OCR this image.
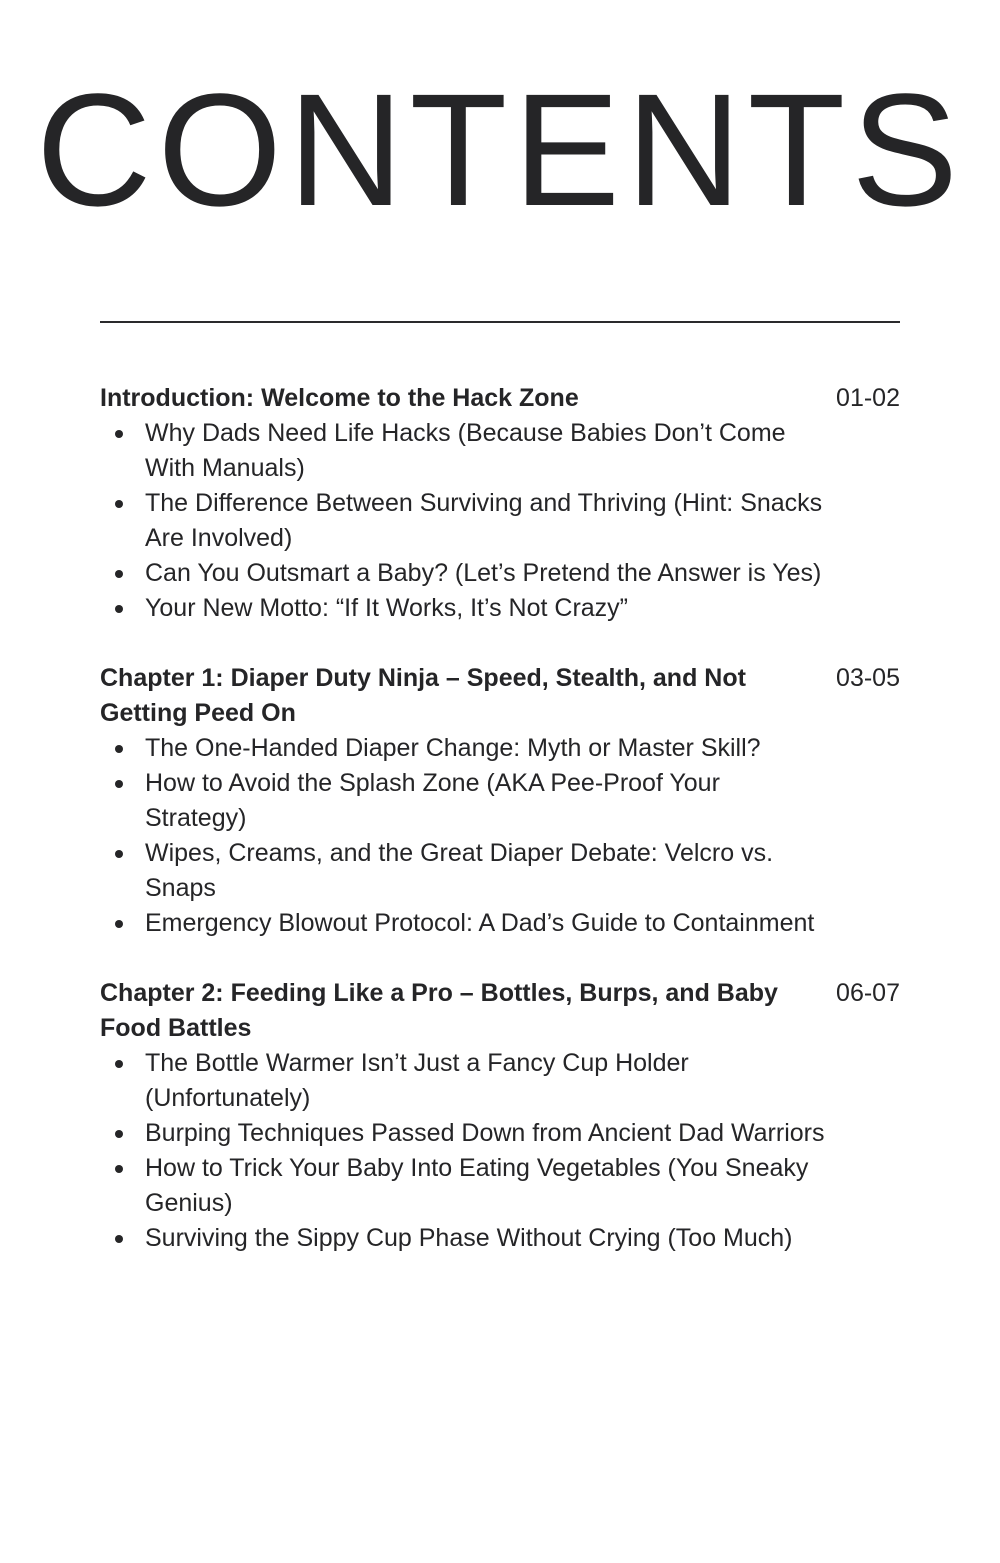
CONTENTS
Introduction: Welcome to the Hack Zone	01-02
Why Dads Need Life Hacks (Because Babies Don’t Come With Manuals)
The Difference Between Surviving and Thriving (Hint: Snacks Are Involved)
Can You Outsmart a Baby? (Let’s Pretend the Answer is Yes)
Your New Motto: “If It Works, It’s Not Crazy”
Chapter 1: Diaper Duty Ninja – Speed, Stealth, and Not Getting Peed On
03-05
The One-Handed Diaper Change: Myth or Master Skill?
How to Avoid the Splash Zone (AKA Pee-Proof Your Strategy)
Wipes, Creams, and the Great Diaper Debate: Velcro vs. Snaps
Emergency Blowout Protocol: A Dad’s Guide to Containment
Chapter 2: Feeding Like a Pro – Bottles, Burps, and Baby Food Battles
06-07
The Bottle Warmer Isn’t Just a Fancy Cup Holder (Unfortunately)
Burping Techniques Passed Down from Ancient Dad Warriors
How to Trick Your Baby Into Eating Vegetables (You Sneaky Genius)
Surviving the Sippy Cup Phase Without Crying (Too Much)
